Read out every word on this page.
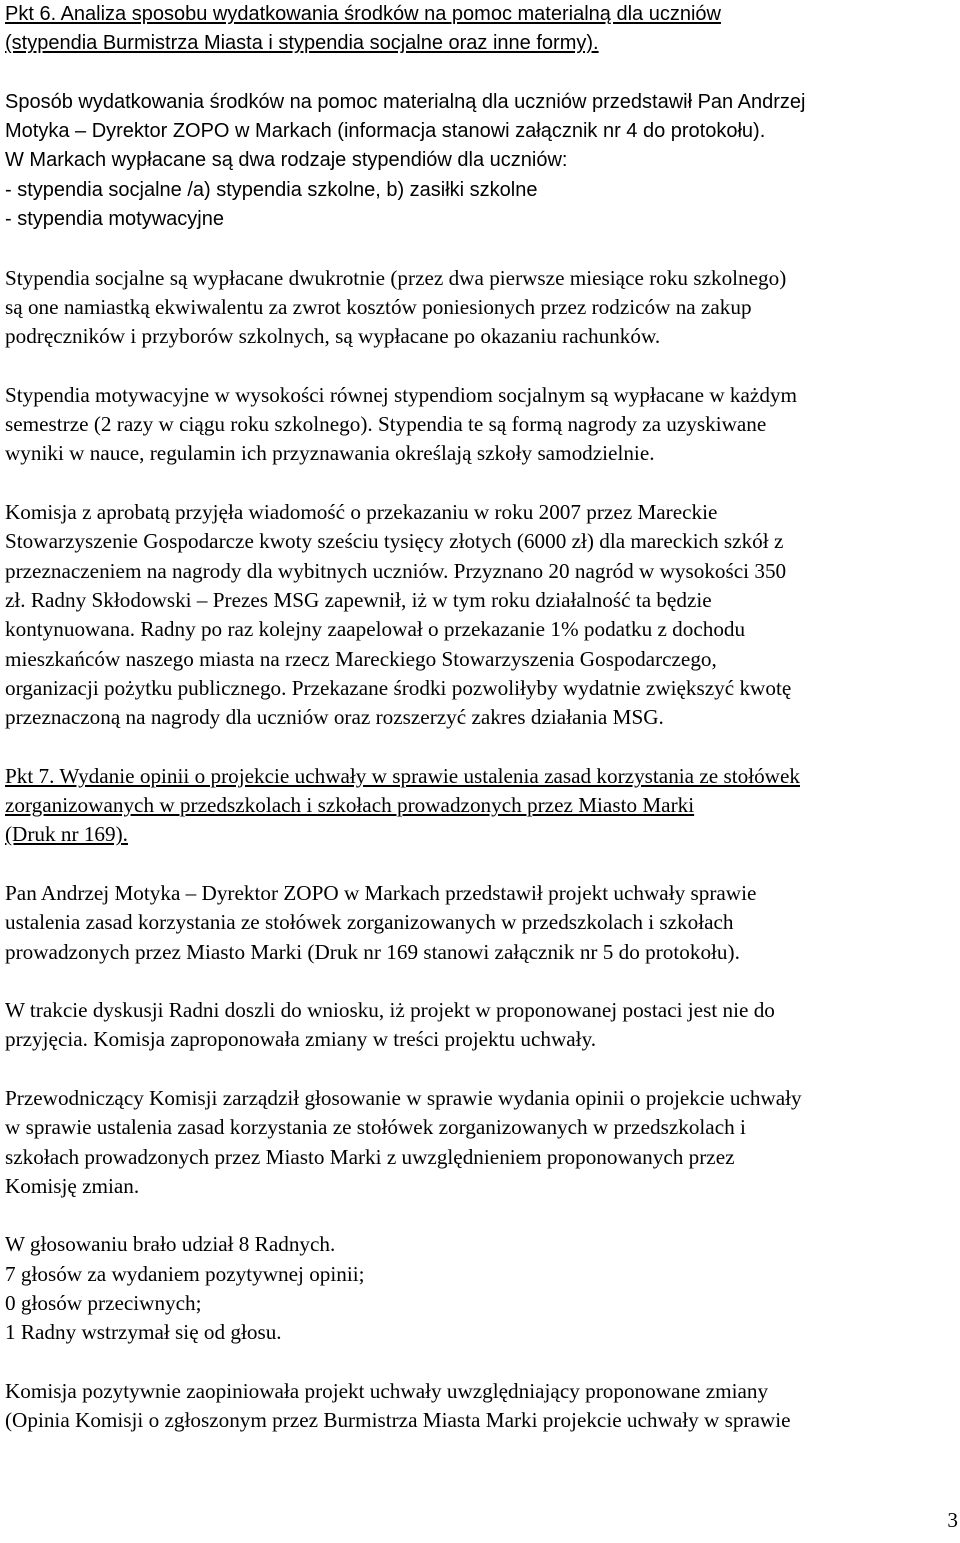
Pkt 6. Analiza sposobu wydatkowania środków na pomoc materialną dla uczniów
(stypendia Burmistrza Miasta i stypendia socjalne oraz inne formy).
Sposób wydatkowania środków na pomoc materialną dla uczniów przedstawił Pan Andrzej
Motyka – Dyrektor ZOPO w Markach (informacja stanowi załącznik nr 4 do protokołu).
W Markach wypłacane są dwa rodzaje stypendiów dla uczniów:
- stypendia socjalne /a) stypendia szkolne, b) zasiłki szkolne
- stypendia motywacyjne
Stypendia socjalne są wypłacane dwukrotnie (przez dwa pierwsze miesiące roku szkolnego)
są one namiastką ekwiwalentu za zwrot kosztów poniesionych przez rodziców na zakup
podręczników i przyborów szkolnych, są wypłacane po okazaniu rachunków.
Stypendia motywacyjne w wysokości równej stypendiom socjalnym są wypłacane w każdym
semestrze (2 razy w ciągu roku szkolnego). Stypendia te są formą nagrody za uzyskiwane
wyniki w nauce, regulamin ich przyznawania określają szkoły samodzielnie.
Komisja z aprobatą przyjęła wiadomość o przekazaniu w roku 2007 przez Mareckie
Stowarzyszenie Gospodarcze kwoty sześciu tysięcy złotych (6000 zł) dla mareckich szkół z
przeznaczeniem na nagrody dla wybitnych uczniów. Przyznano 20 nagród w wysokości 350
zł. Radny Skłodowski – Prezes MSG zapewnił, iż w tym roku działalność ta będzie
kontynuowana. Radny po raz kolejny zaapelował o przekazanie 1% podatku z dochodu
mieszkańców naszego miasta na rzecz Mareckiego Stowarzyszenia Gospodarczego,
organizacji pożytku publicznego. Przekazane środki pozwoliłyby wydatnie zwiększyć kwotę
przeznaczoną na nagrody dla uczniów oraz rozszerzyć zakres działania MSG.
Pkt 7. Wydanie opinii o projekcie uchwały w sprawie ustalenia zasad korzystania ze stołówek
zorganizowanych w przedszkolach i szkołach prowadzonych przez Miasto Marki
(Druk nr 169).
Pan Andrzej Motyka – Dyrektor ZOPO w Markach przedstawił projekt uchwały sprawie
ustalenia zasad korzystania ze stołówek zorganizowanych w przedszkolach i szkołach
prowadzonych przez Miasto Marki (Druk nr 169 stanowi załącznik nr 5 do protokołu).
W trakcie dyskusji Radni doszli do wniosku, iż projekt w proponowanej postaci jest nie do
przyjęcia. Komisja zaproponowała zmiany w treści projektu uchwały.
Przewodniczący Komisji zarządził głosowanie w sprawie wydania opinii o projekcie uchwały
w sprawie ustalenia zasad korzystania ze stołówek zorganizowanych w przedszkolach i
szkołach prowadzonych przez Miasto Marki z uwzględnieniem proponowanych przez
Komisję zmian.
W głosowaniu brało udział 8 Radnych.
7 głosów za wydaniem pozytywnej opinii;
0 głosów przeciwnych;
1 Radny wstrzymał się od głosu.
Komisja pozytywnie zaopiniowała projekt uchwały uwzględniający proponowane zmiany
(Opinia Komisji o zgłoszonym przez Burmistrza Miasta Marki projekcie uchwały w sprawie
3
